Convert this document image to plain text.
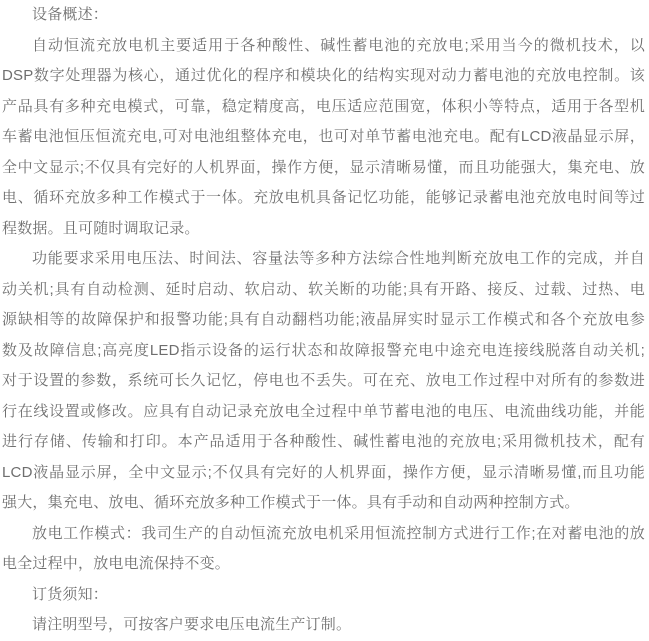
设备概述：
自动恒流充放电机主要适用于各种酸性、碱性蓄电池的充放电;采用当今的微机技术，以
DSP数字处理器为核心，通过优化的程序和模块化的结构实现对动力蓄电池的充放电控制。该
产品具有多种充电模式，可靠，稳定精度高，电压适应范围宽，体积小等特点，适用于各型机
车蓄电池恒压恒流充电,可对电池组整体充电，也可对单节蓄电池充电。配有LCD液晶显示屏，
全中文显示;不仅具有完好的人机界面，操作方便，显示清晰易懂，而且功能强大，集充电、放
电、循环充放多种工作模式于一体。充放电机具备记忆功能，能够记录蓄电池充放电时间等过
程数据。且可随时调取记录。
功能要求采用电压法、时间法、容量法等多种方法综合性地判断充放电工作的完成，并自
动关机;具有自动检测、延时启动、软启动、软关断的功能;具有开路、接反、过载、过热、电
源缺相等的故障保护和报警功能;具有自动翻档功能;液晶屏实时显示工作模式和各个充放电参
数及故障信息;高亮度LED指示设备的运行状态和故障报警充电中途充电连接线脱落自动关机;
对于设置的参数，系统可长久记忆，停电也不丢失。可在充、放电工作过程中对所有的参数进
行在线设置或修改。应具有自动记录充放电全过程中单节蓄电池的电压、电流曲线功能，并能
进行存储、传输和打印。本产品适用于各种酸性、碱性蓄电池的充放电;采用微机技术，配有
LCD液晶显示屏，全中文显示;不仅具有完好的人机界面，操作方便，显示清晰易懂,而且功能
强大，集充电、放电、循环充放多种工作模式于一体。具有手动和自动两种控制方式。
放电工作模式：我司生产的自动恒流充放电机采用恒流控制方式进行工作;在对蓄电池的放
电全过程中，放电电流保持不变。
订货须知：
请注明型号，可按客户要求电压电流生产订制。
